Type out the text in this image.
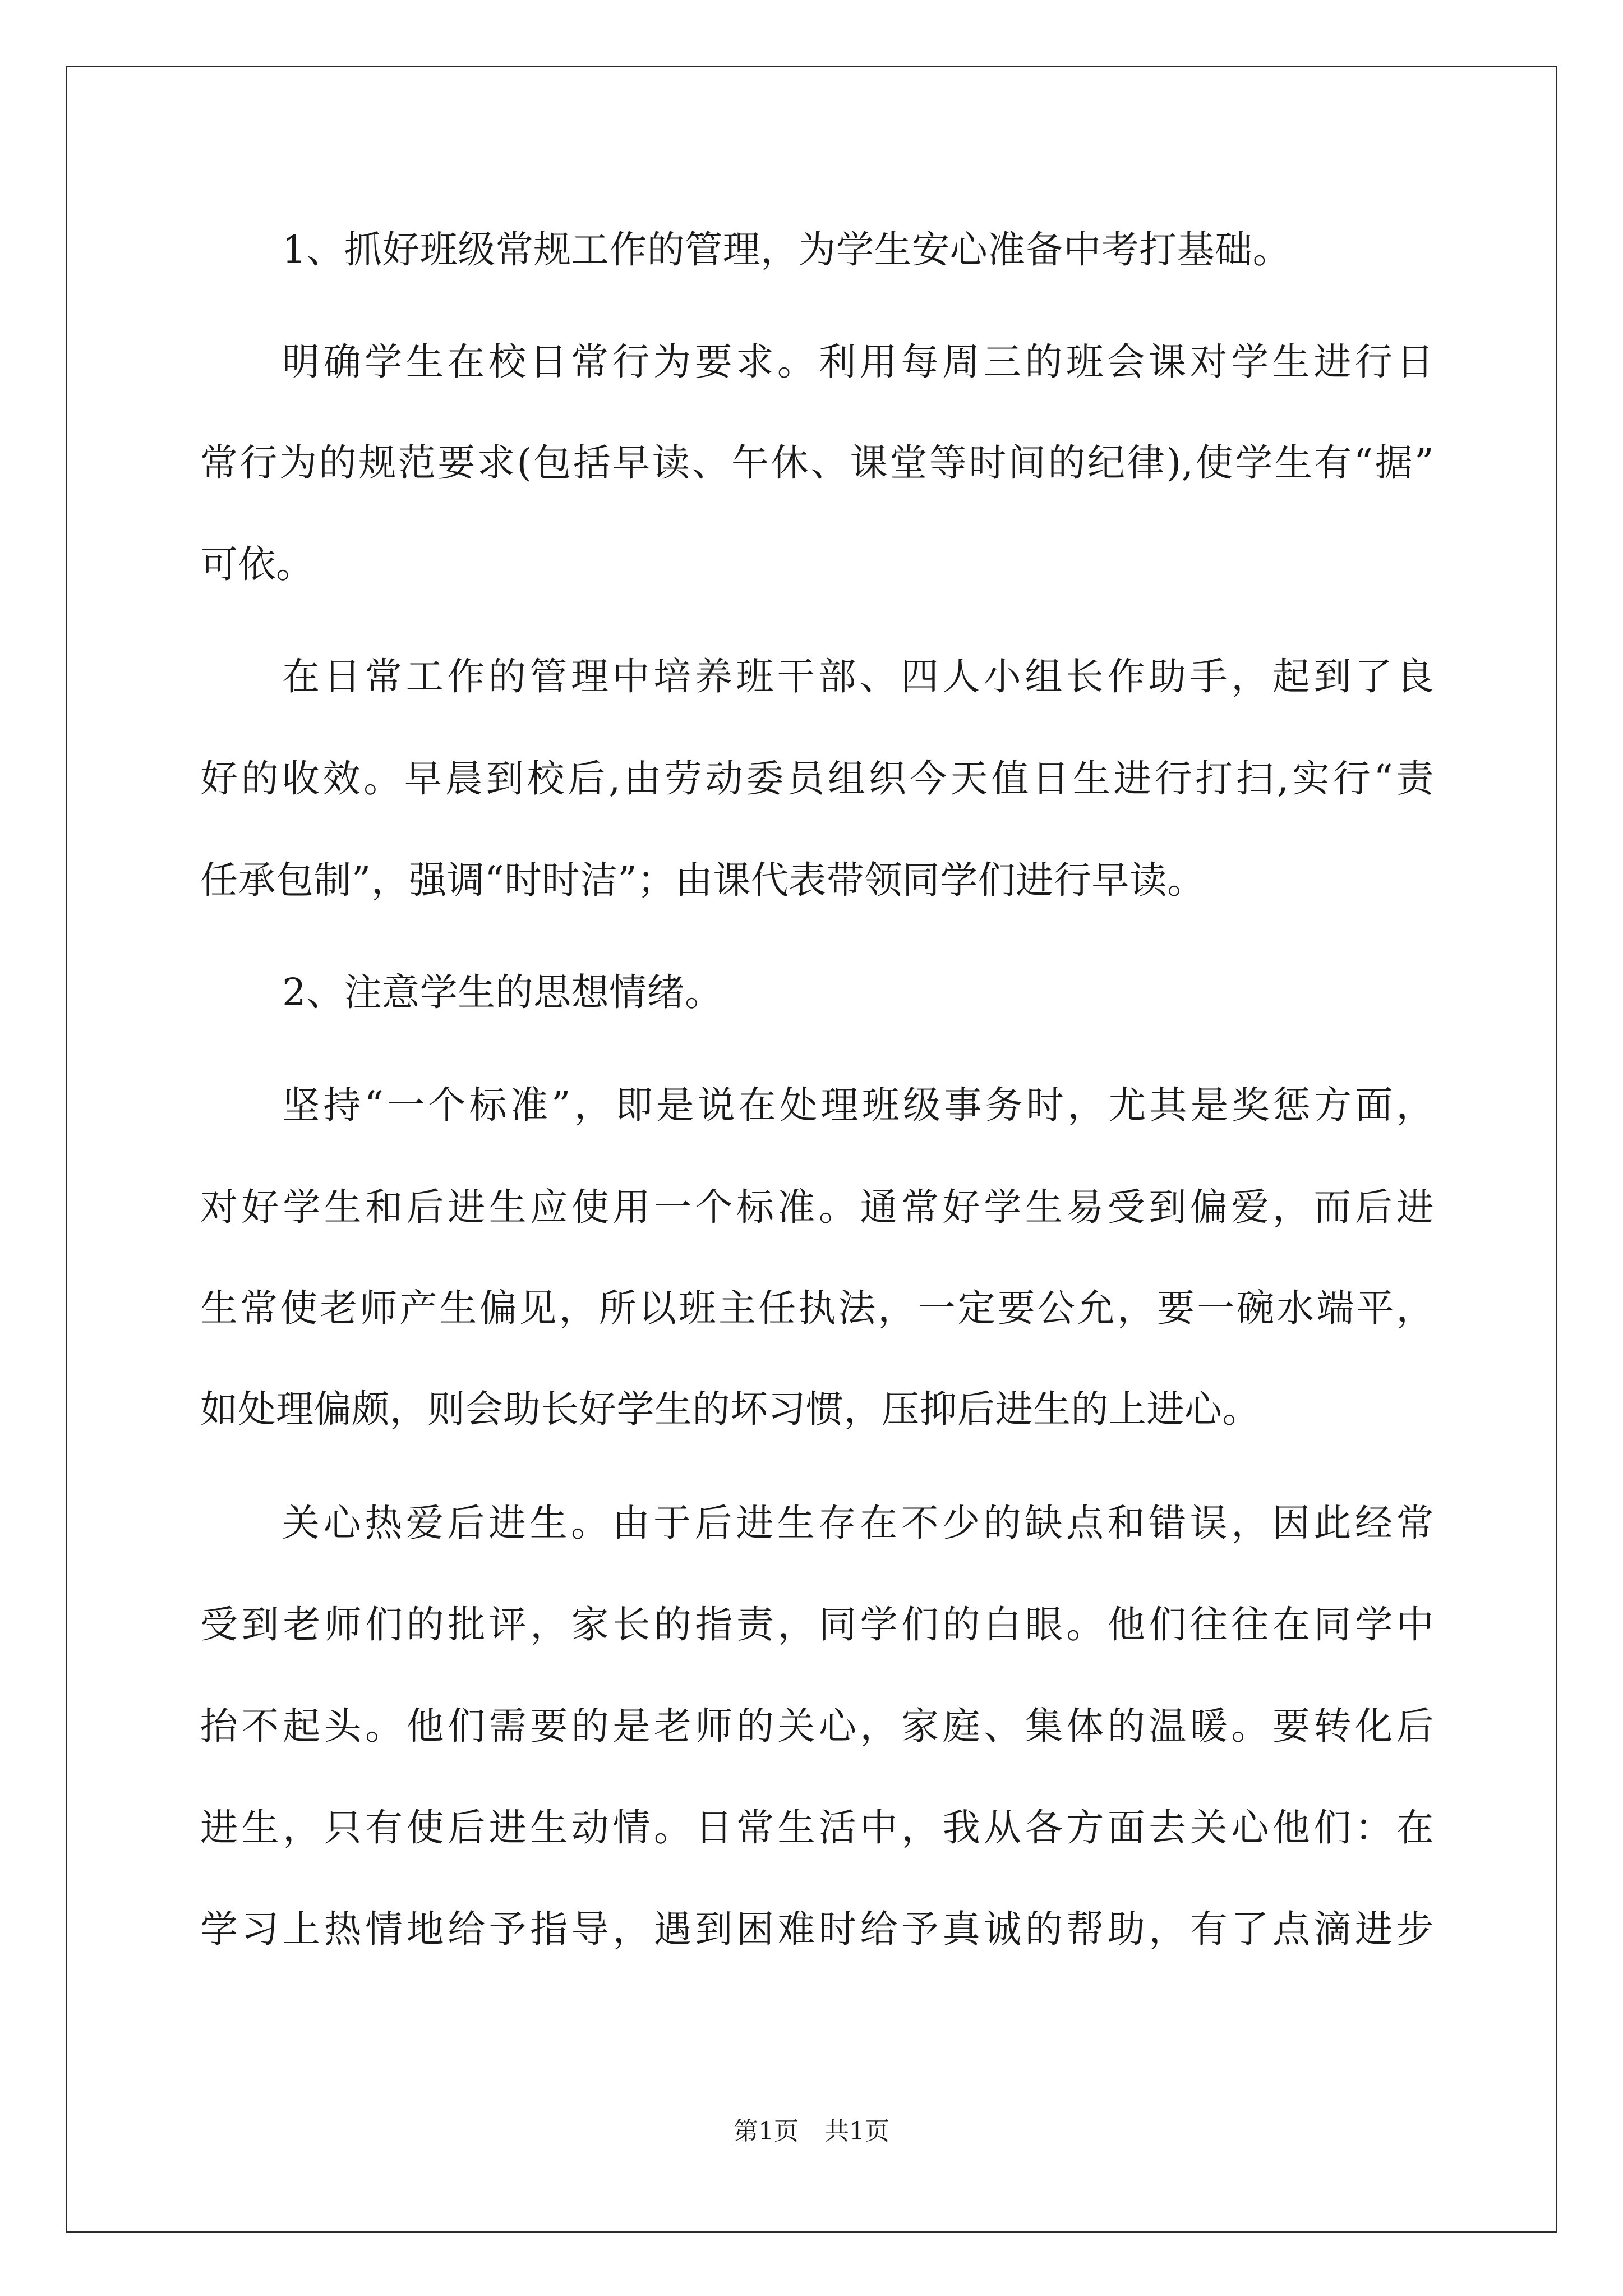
1、抓好班级常规工作的管理，为学生安心准备中考打基础。
明确学生在校日常行为要求。利用每周三的班会课对学生进行日
常行为的规范要求(包括早读、午休、课堂等时间的纪律),使学生有“据”
可依。
在日常工作的管理中培养班干部、四人小组长作助手，起到了良
好的收效。早晨到校后,由劳动委员组织今天值日生进行打扫,实行“责
任承包制”，强调“时时洁”；由课代表带领同学们进行早读。
2、注意学生的思想情绪。
坚持“一个标准”，即是说在处理班级事务时，尤其是奖惩方面，
对好学生和后进生应使用一个标准。通常好学生易受到偏爱，而后进
生常使老师产生偏见，所以班主任执法，一定要公允，要一碗水端平，
如处理偏颇，则会助长好学生的坏习惯，压抑后进生的上进心。
关心热爱后进生。由于后进生存在不少的缺点和错误，因此经常
受到老师们的批评，家长的指责，同学们的白眼。他们往往在同学中
抬不起头。他们需要的是老师的关心，家庭、集体的温暖。要转化后
进生，只有使后进生动情。日常生活中，我从各方面去关心他们：在
学习上热情地给予指导，遇到困难时给予真诚的帮助，有了点滴进步
第1页 共1页
